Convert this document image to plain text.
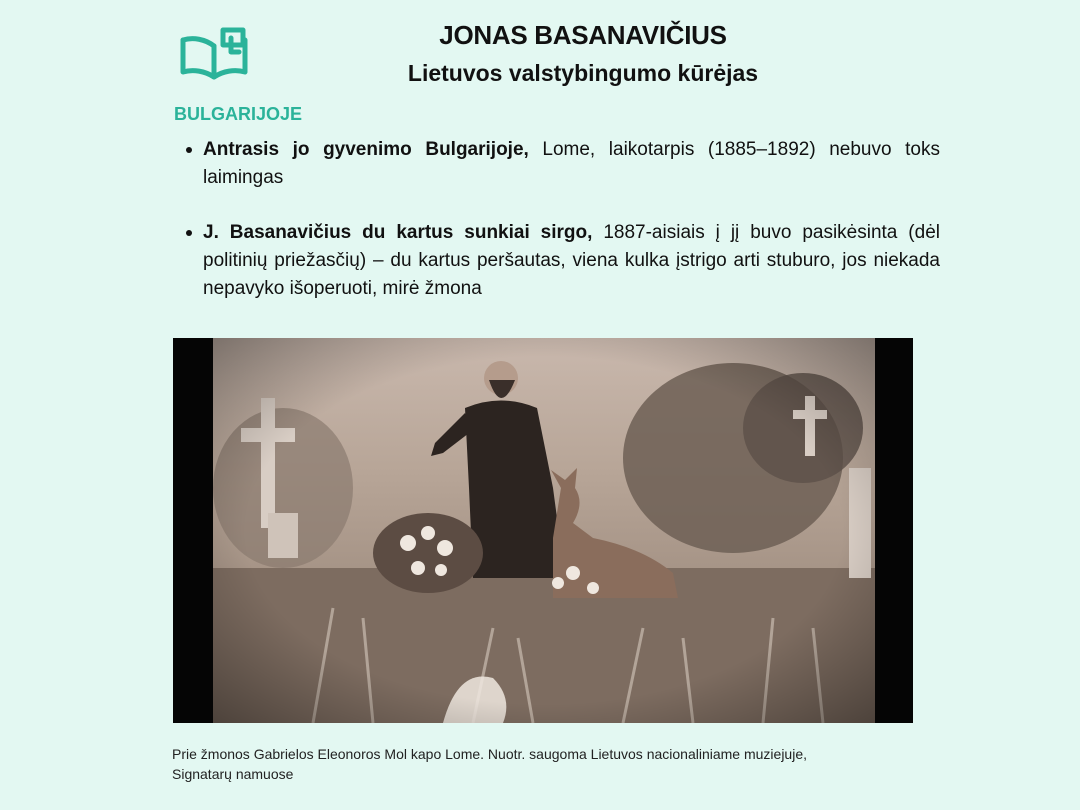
JONAS BASANAVIČIUS
Lietuvos valstybingumo kūrėjas
BULGARIJOJE
Antrasis jo gyvenimo Bulgarijoje, Lome, laikotarpis (1885–1892) nebuvo toks laimingas
J. Basanavičius du kartus sunkiai sirgo, 1887-aisiais į jį buvo pasikėsinta (dėl politinių priežasčių) – du kartus peršautas, viena kulka įstrigo arti stuburo, jos niekada nepavyko išoperuoti, mirė žmona
Prie žmonos Gabrielos Eleonoros Mol kapo Lome. Nuotr. saugoma Lietuvos nacionaliniame muziejuje,
Signatarų namuose
